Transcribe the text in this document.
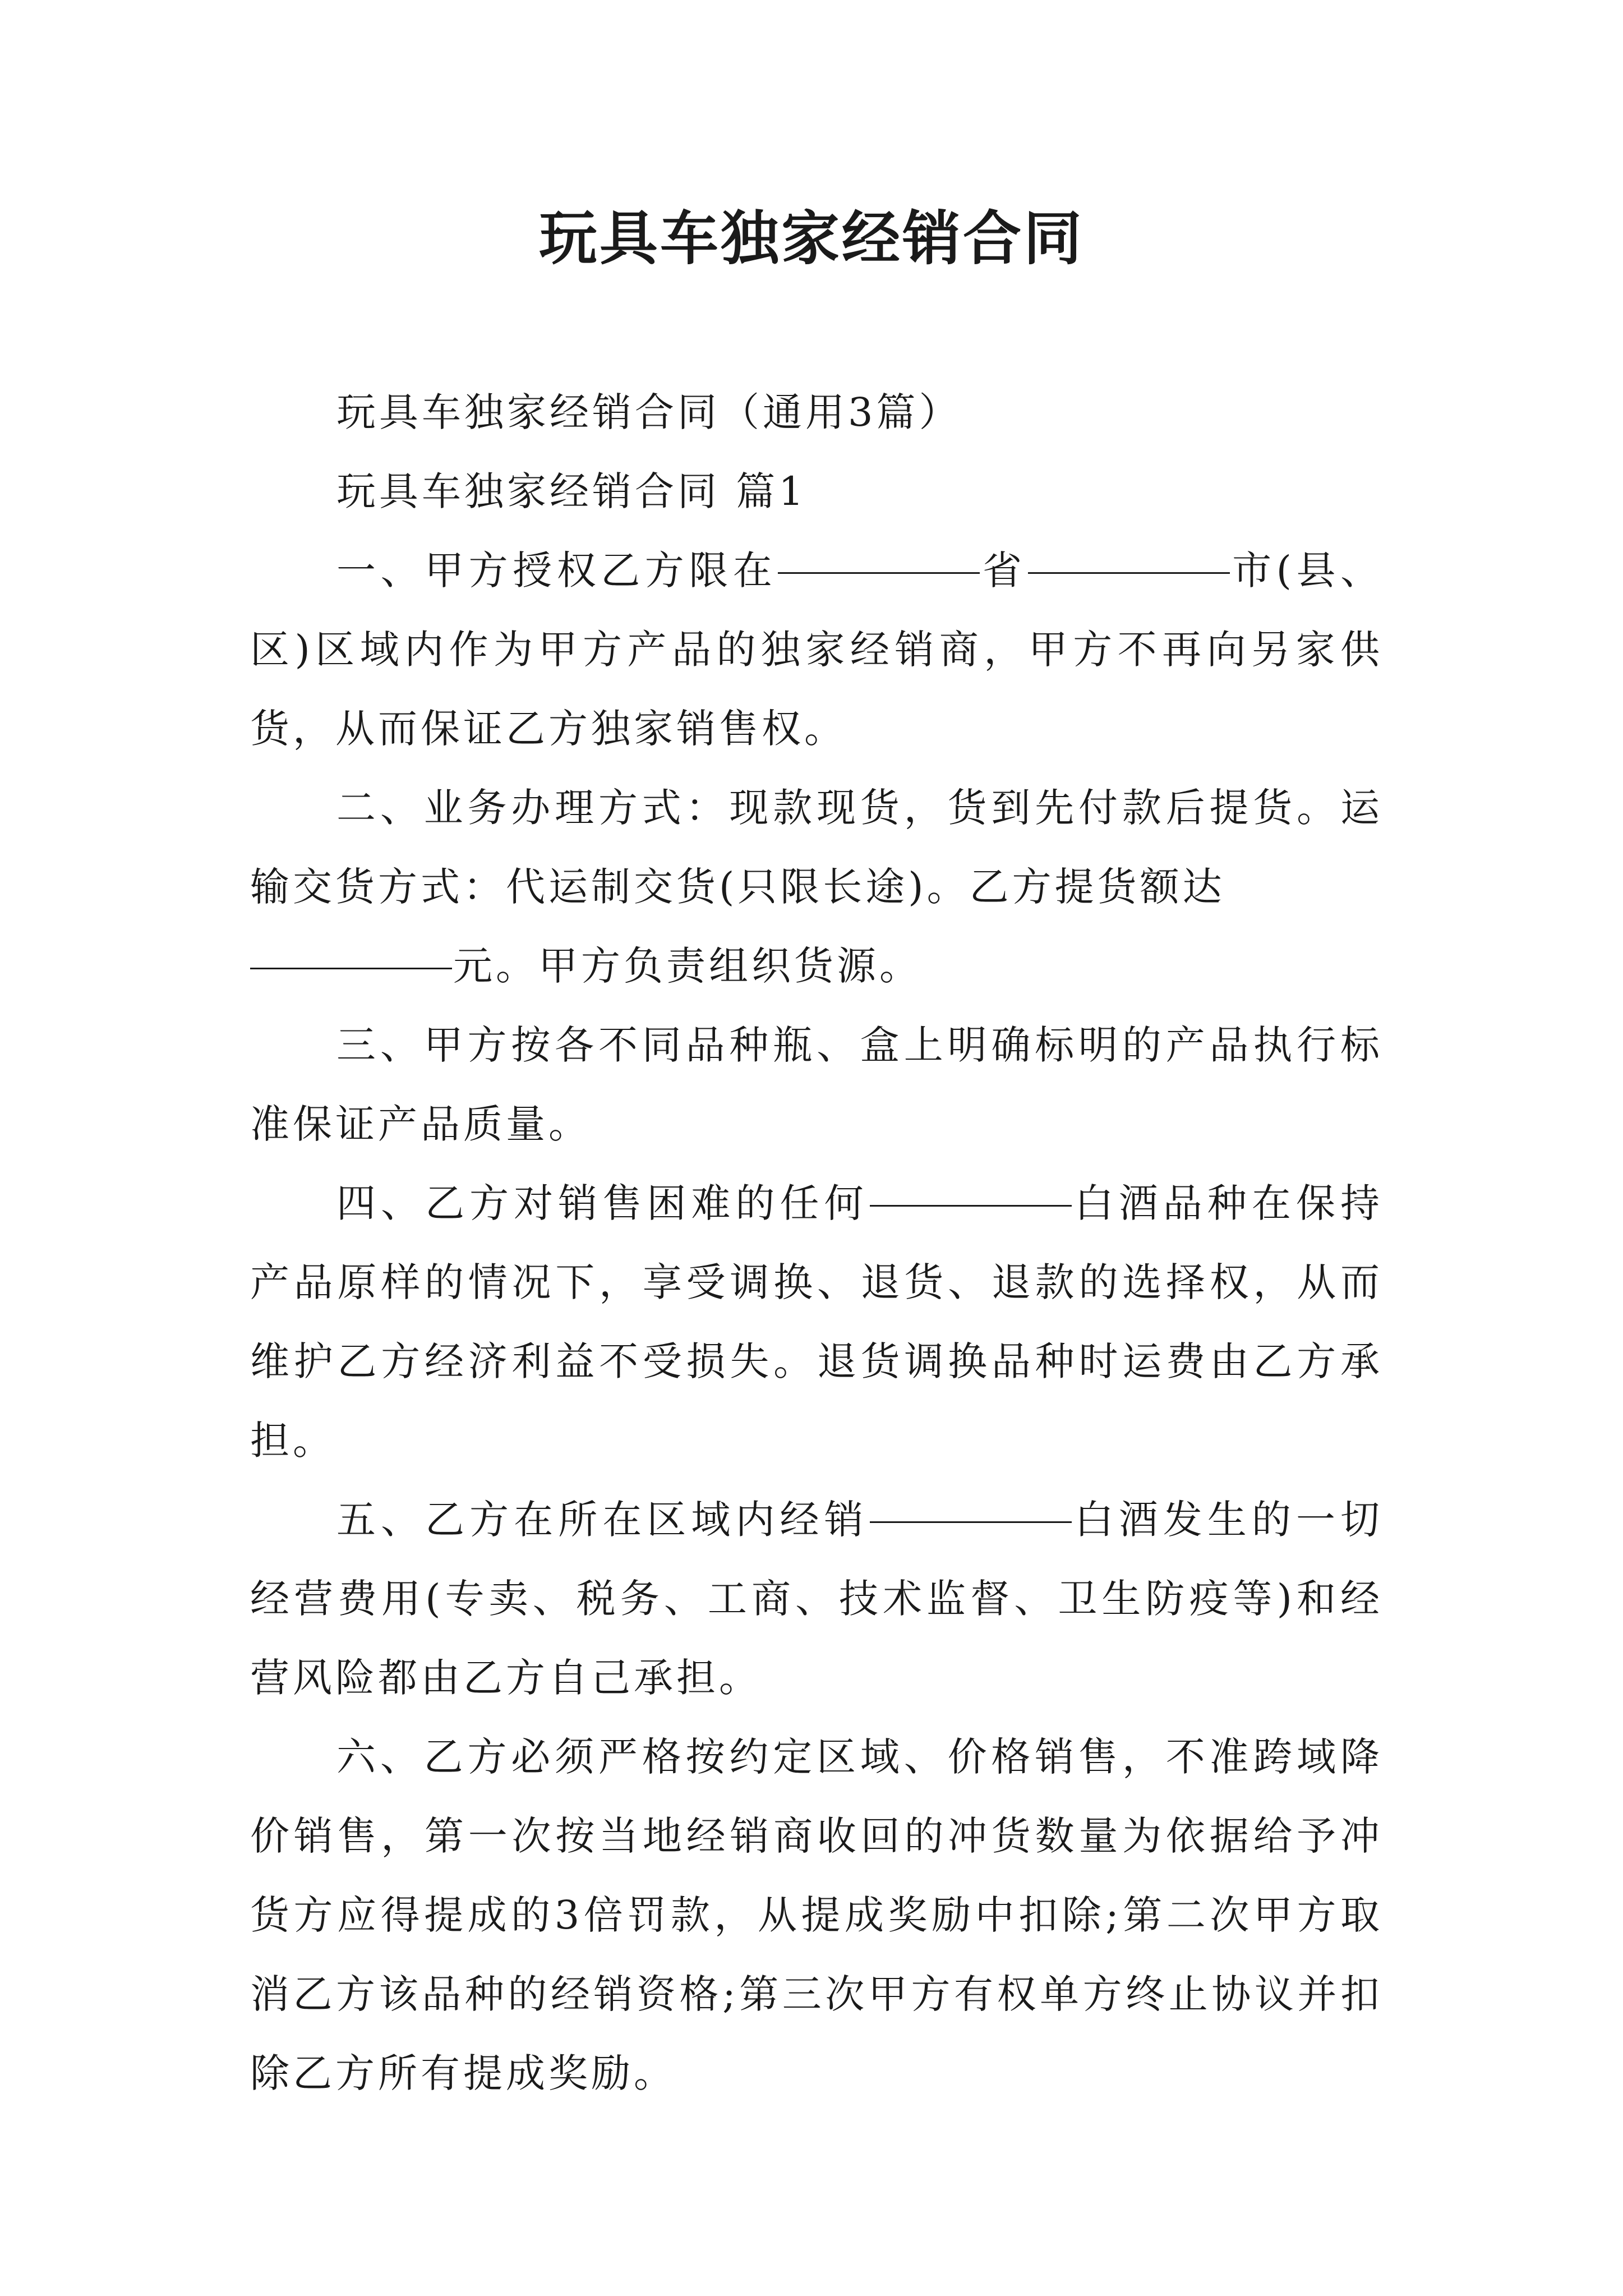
玩具车独家经销合同

玩具车独家经销合同（通用3篇）

玩具车独家经销合同 篇1

一、甲方授权乙方限在	省	市(县、区)区域内作为甲方产品的独家经销商，甲方不再向另家供货，从而保证乙方独家销售权。

二、业务办理方式：现款现货，货到先付款后提货。运输交货方式：代运制交货(只限长途)。乙方提货额达
元。甲方负责组织货源。

三、甲方按各不同品种瓶、盒上明确标明的产品执行标准保证产品质量。

四、乙方对销售困难的任何	白酒品种在保持产品原样的情况下，享受调换、退货、退款的选择权，从而维护乙方经济利益不受损失。退货调换品种时运费由乙方承担。

五、乙方在所在区域内经销	白酒发生的一切经营费用(专卖、税务、工商、技术监督、卫生防疫等)和经营风险都由乙方自己承担。

六、乙方必须严格按约定区域、价格销售，不准跨域降价销售，第一次按当地经销商收回的冲货数量为依据给予冲货方应得提成的3倍罚款，从提成奖励中扣除;第二次甲方取消乙方该品种的经销资格;第三次甲方有权单方终止协议并扣除乙方所有提成奖励。
